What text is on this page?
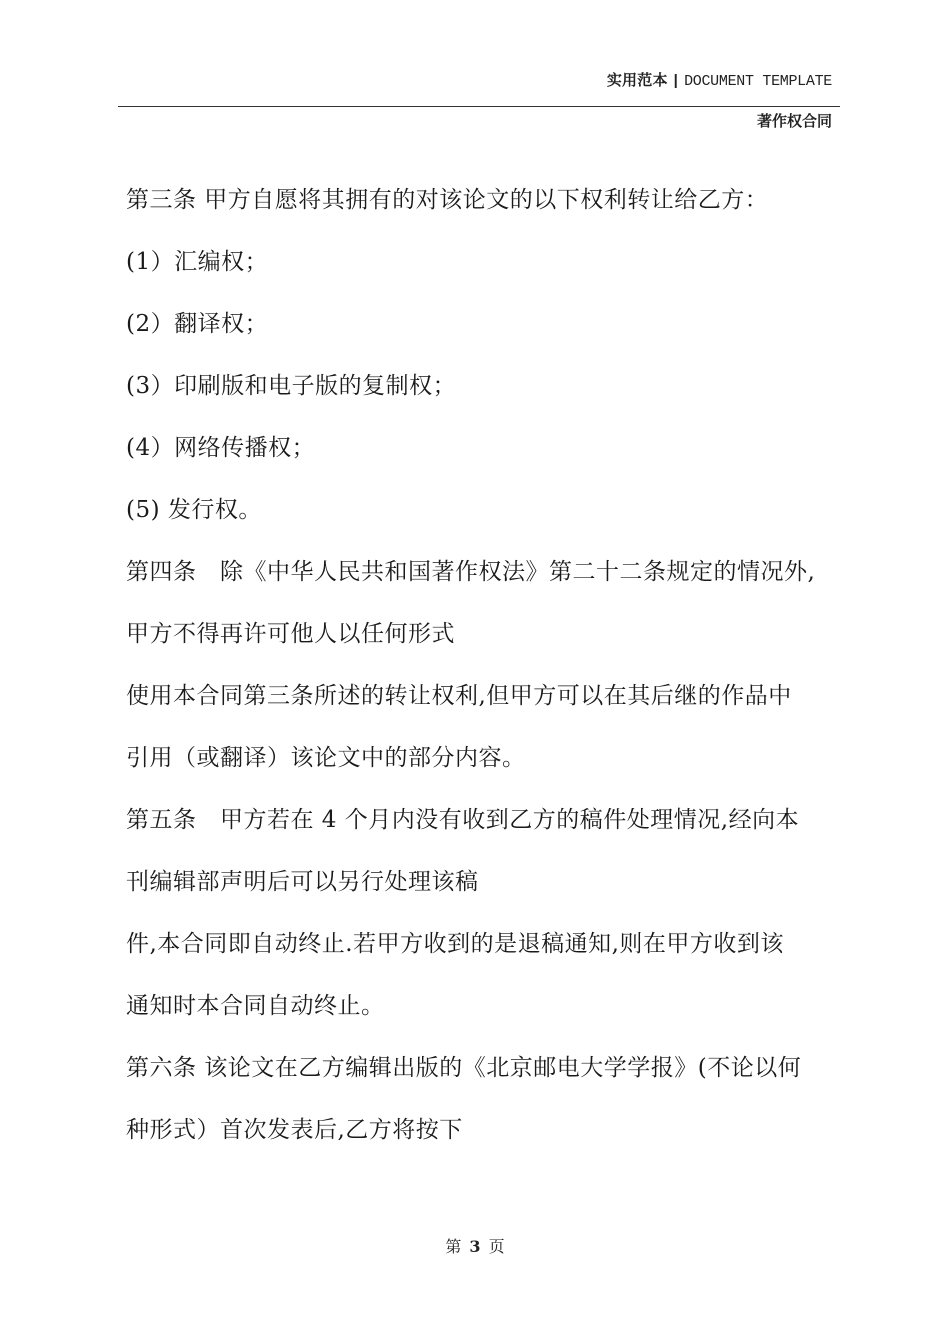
实用范本 | DOCUMENT TEMPLATE
著作权合同
第三条 甲方自愿将其拥有的对该论文的以下权利转让给乙方：
(1）汇编权；
(2）翻译权；
(3）印刷版和电子版的复制权；
(4）网络传播权；
(5) 发行权。
第四条　除《中华人民共和国著作权法》第二十二条规定的情况外,
甲方不得再许可他人以任何形式
使用本合同第三条所述的转让权利,但甲方可以在其后继的作品中
引用（或翻译）该论文中的部分内容。
第五条　甲方若在 4 个月内没有收到乙方的稿件处理情况,经向本
刊编辑部声明后可以另行处理该稿
件,本合同即自动终止.若甲方收到的是退稿通知,则在甲方收到该
通知时本合同自动终止。
第六条 该论文在乙方编辑出版的《北京邮电大学学报》(不论以何
种形式）首次发表后,乙方将按下
第 3 页
